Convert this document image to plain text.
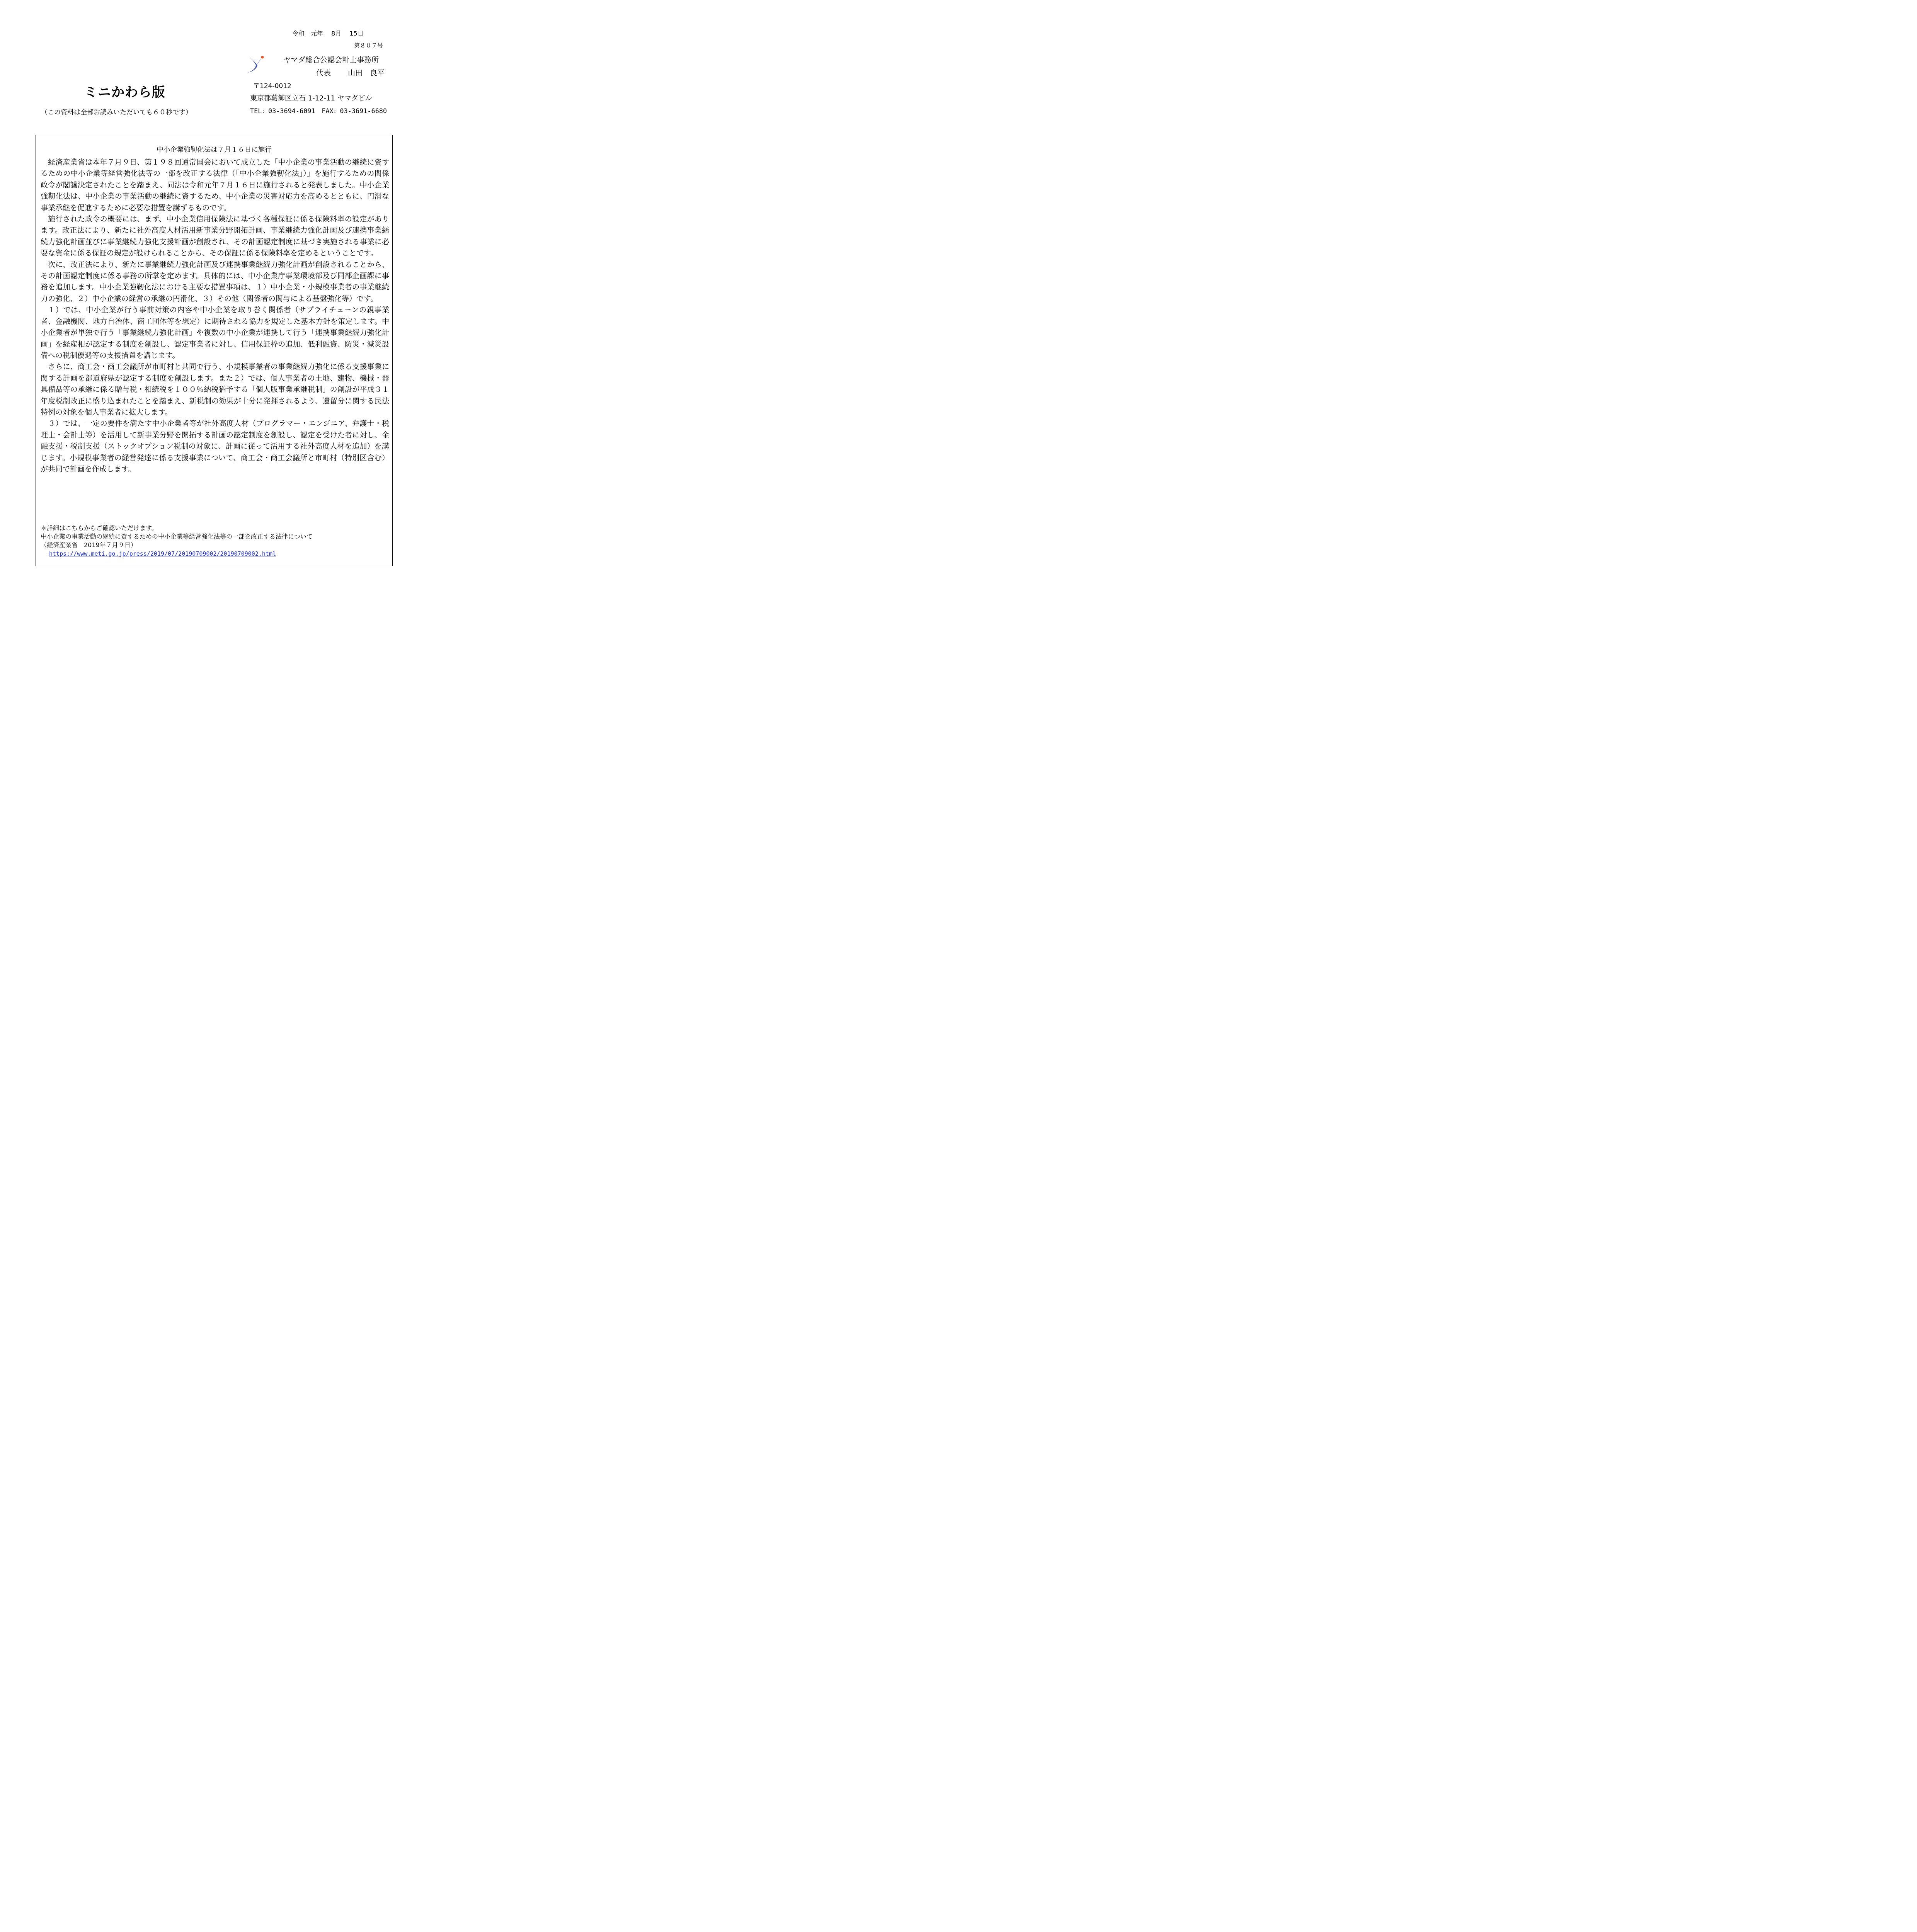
令和　元年　 8月　 15日
第８０７号
ヤマダ総合公認会計士事務所
代表　　 山田　良平
〒124-0012
東京都葛飾区立石 1-12-11 ヤマダビル
TEL：03-3694-6091　FAX：03-3691-6680
ミニかわら版
（この資料は全部お読みいただいても６０秒です）
中小企業強靭化法は７月１６日に施行

経済産業省は本年７月９日、第１９８回通常国会において成立した「中小企業の事業活動の継続に資するための中小企業等経営強化法等の一部を改正する法律（「中小企業強靭化法」）」を施行するための関係政令が閣議決定されたことを踏まえ、同法は令和元年７月１６日に施行されると発表しました。中小企業強靭化法は、中小企業の事業活動の継続に資するため、中小企業の災害対応力を高めるとともに、円滑な事業承継を促進するために必要な措置を講ずるものです。

施行された政令の概要には、まず、中小企業信用保険法に基づく各種保証に係る保険料率の設定があります。改正法により、新たに社外高度人材活用新事業分野開拓計画、事業継続力強化計画及び連携事業継続力強化計画並びに事業継続力強化支援計画が創設され、その計画認定制度に基づき実施される事業に必要な資金に係る保証の規定が設けられることから、その保証に係る保険料率を定めるということです。

次に、改正法により、新たに事業継続力強化計画及び連携事業継続力強化計画が創設されることから、その計画認定制度に係る事務の所掌を定めます。具体的には、中小企業庁事業環境部及び同部企画課に事務を追加します。中小企業強靭化法における主要な措置事項は、１）中小企業・小規模事業者の事業継続力の強化、２）中小企業の経営の承継の円滑化、３）その他（関係者の関与による基盤強化等）です。

１）では、中小企業が行う事前対策の内容や中小企業を取り巻く関係者（サプライチェーンの親事業者、金融機関、地方自治体、商工団体等を想定）に期待される協力を規定した基本方針を策定します。中小企業者が単独で行う「事業継続力強化計画」や複数の中小企業が連携して行う「連携事業継続力強化計画」を経産相が認定する制度を創設し、認定事業者に対し、信用保証枠の追加、低利融資、防災・減災設備への税制優遇等の支援措置を講じます。

さらに、商工会・商工会議所が市町村と共同で行う、小規模事業者の事業継続力強化に係る支援事業に関する計画を都道府県が認定する制度を創設します。また２）では、個人事業者の土地、建物、機械・器具備品等の承継に係る贈与税・相続税を１００％納税猶予する「個人版事業承継税制」の創設が平成３１年度税制改正に盛り込まれたことを踏まえ、新税制の効果が十分に発揮されるよう、遺留分に関する民法特例の対象を個人事業者に拡大します。

３）では、一定の要件を満たす中小企業者等が社外高度人材（プログラマー・エンジニア、弁護士・税理士・会計士等）を活用して新事業分野を開拓する計画の認定制度を創設し、認定を受けた者に対し、金融支援・税制支援（ストックオプション税制の対象に、計画に従って活用する社外高度人材を追加）を講じます。小規模事業者の経営発達に係る支援事業について、商工会・商工会議所と市町村（特別区含む）が共同で計画を作成します。

＊詳細はこちらからご確認いただけます。
中小企業の事業活動の継続に資するための中小企業等経営強化法等の一部を改正する法律について
（経済産業省　2019年７月９日）
https://www.meti.go.jp/press/2019/07/20190709002/20190709002.html
